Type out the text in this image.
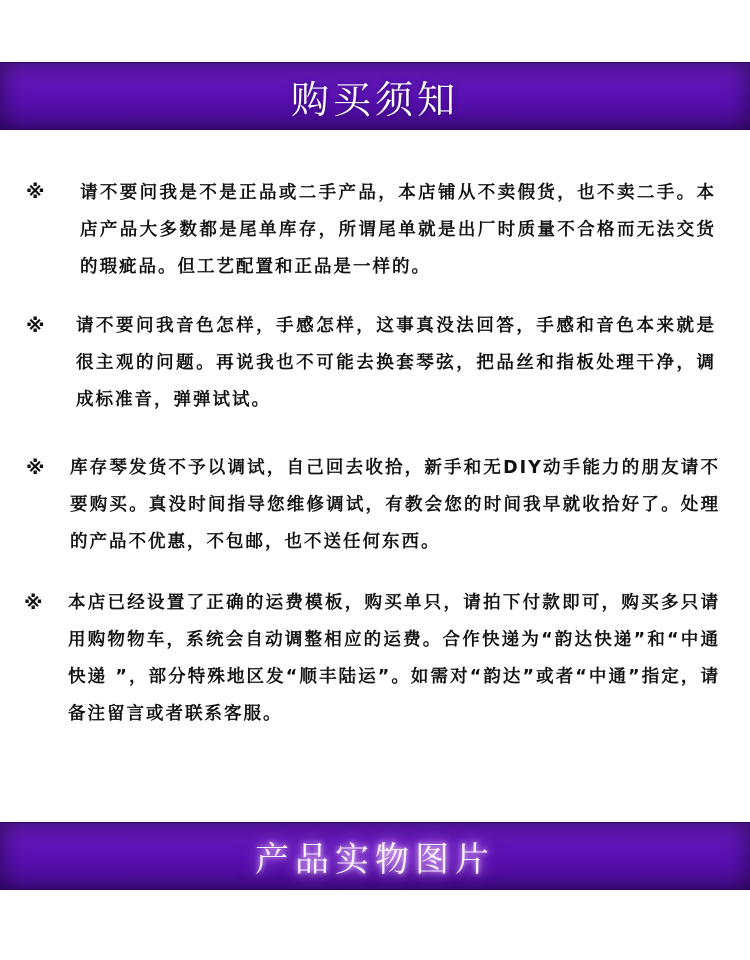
购买须知
※ 请不要问我是不是正品或二手产品，本店铺从不卖假货，也不卖二手。本店产品大多数都是尾单库存，所谓尾单就是出厂时质量不合格而无法交货的瑕疵品。但工艺配置和正品是一样的。

※ 请不要问我音色怎样，手感怎样，这事真没法回答，手感和音色本来就是很主观的问题。再说我也不可能去换套琴弦，把品丝和指板处理干净，调成标准音，弹弹试试。

※ 库存琴发货不予以调试，自己回去收拾，新手和无DIY动手能力的朋友请不要购买。真没时间指导您维修调试，有教会您的时间我早就收拾好了。处理的产品不优惠，不包邮，也不送任何东西。

※ 本店已经设置了正确的运费模板，购买单只，请拍下付款即可，购买多只请用购物物车，系统会自动调整相应的运费。合作快递为“韵达快递”和“中通快递 ”，部分特殊地区发“顺丰陆运”。如需对“韵达”或者“中通”指定，请备注留言或者联系客服。

产品实物图片
